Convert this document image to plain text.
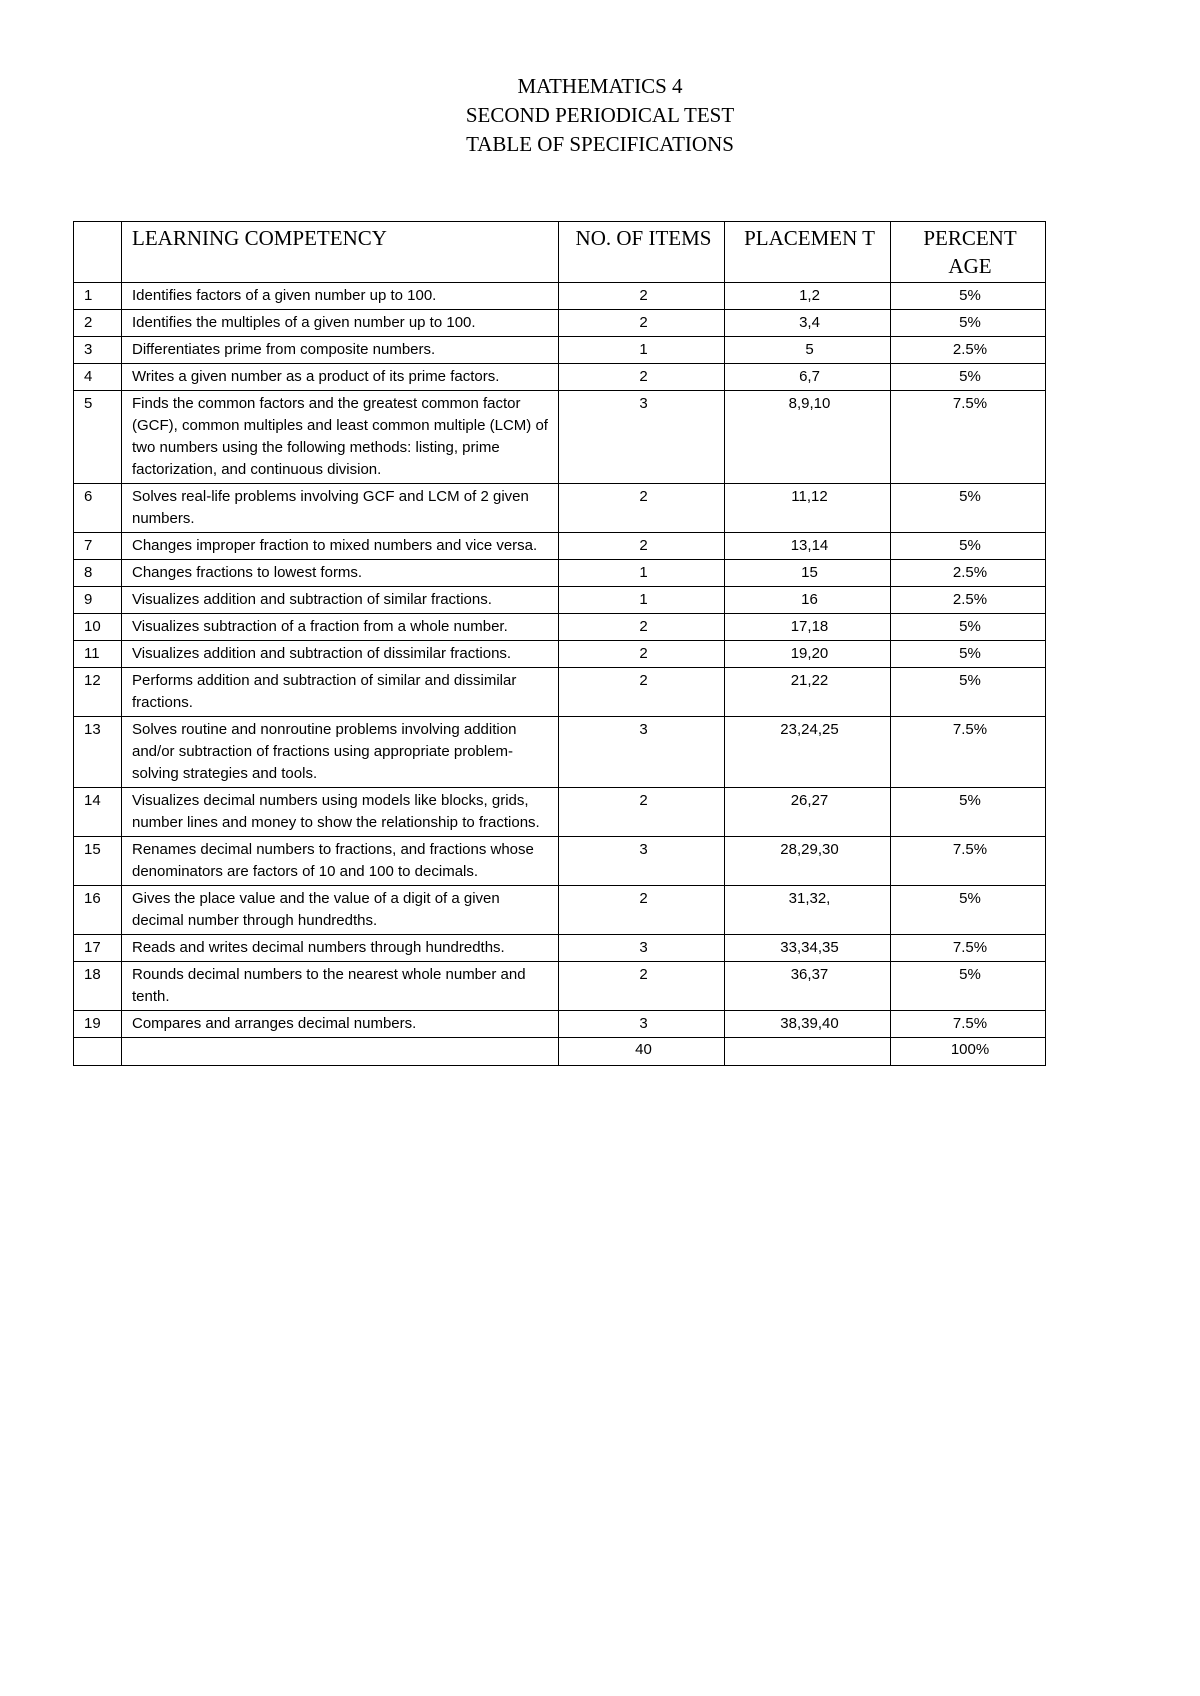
MATHEMATICS 4
SECOND PERIODICAL TEST
TABLE OF SPECIFICATIONS
	LEARNING COMPETENCY	NO. OF ITEMS	PLACEMEN T	PERCENT AGE
1	Identifies factors of a given number up to 100.	2	1,2	5%
2	Identifies the multiples of a given number up to 100.	2	3,4	5%
3	Differentiates prime from composite numbers.	1	5	2.5%
4	Writes a given number as a product of its prime factors.	2	6,7	5%
5	Finds the common factors and the greatest common factor (GCF), common multiples and least common multiple (LCM) of two numbers using the following methods: listing, prime factorization, and continuous division.	3	8,9,10	7.5%
6	Solves real-life problems involving GCF and LCM of 2 given numbers.	2	11,12	5%
7	Changes improper fraction to mixed numbers and vice versa.	2	13,14	5%
8	Changes fractions to lowest forms.	1	15	2.5%
9	Visualizes addition and subtraction of similar fractions.	1	16	2.5%
10	Visualizes subtraction of a fraction from a whole number.	2	17,18	5%
11	Visualizes addition and subtraction of dissimilar fractions.	2	19,20	5%
12	Performs addition and subtraction of similar and dissimilar fractions.	2	21,22	5%
13	Solves routine and nonroutine problems involving addition and/or subtraction of fractions using appropriate problem-solving strategies and tools.	3	23,24,25	7.5%
14	Visualizes decimal numbers using models like blocks, grids, number lines and money to show the relationship to fractions.	2	26,27	5%
15	Renames decimal numbers to fractions, and fractions whose denominators are factors of 10 and 100 to decimals.	3	28,29,30	7.5%
16	Gives the place value and the value of a digit of a given decimal number through hundredths.	2	31,32,	5%
17	Reads and writes decimal numbers through hundredths.	3	33,34,35	7.5%
18	Rounds decimal numbers to the nearest whole number and tenth.	2	36,37	5%
19	Compares and arranges decimal numbers.	3	38,39,40	7.5%
		40		100%
